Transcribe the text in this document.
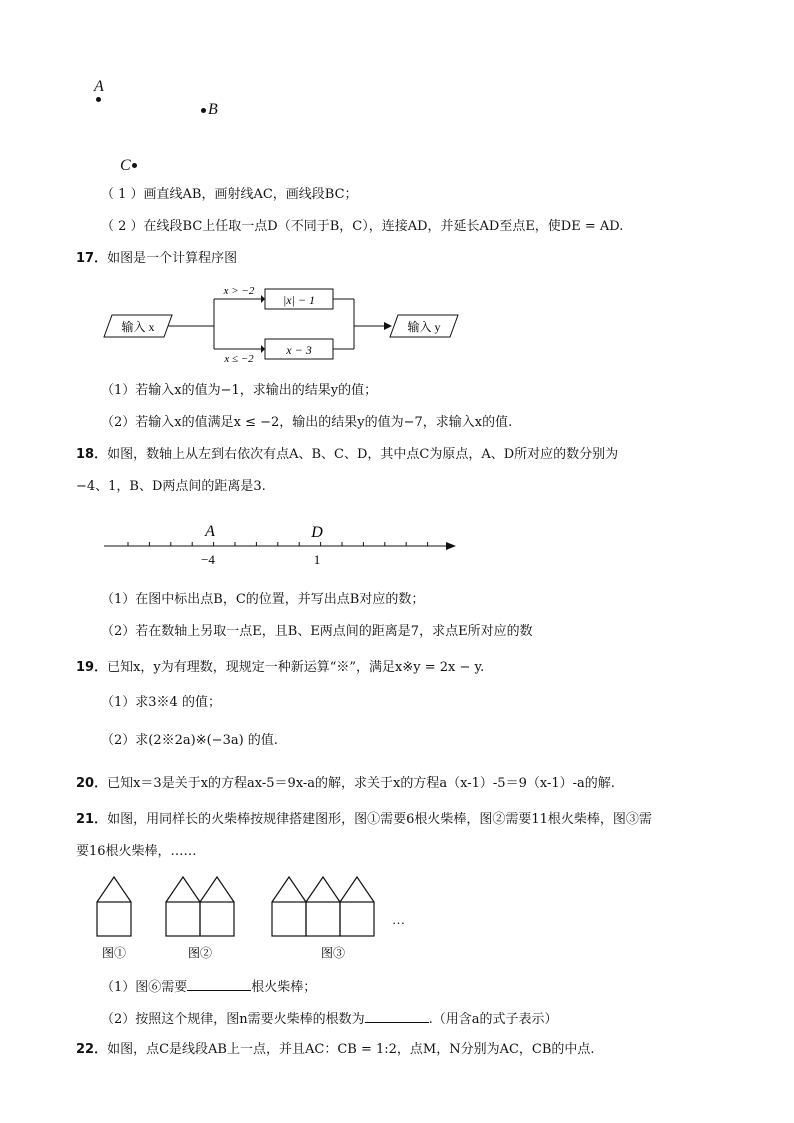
A
B
C
（ 1 ）画直线AB，画射线AC，画线段BC；
（ 2 ）在线段BC上任取一点D（不同于B，C），连接AD，并延长AD至点E，使DE = AD.
17．如图是一个计算程序图
输入 x
x > −2
x ≤ −2
|x| − 1
x − 3
输入 y
（1）若输入x的值为−1，求输出的结果y的值；
（2）若输入x的值满足x ≤ −2，输出的结果y的值为−7，求输入x的值.
18．如图，数轴上从左到右依次有点A、B、C、D，其中点C为原点，A、D所对应的数分别为
−4、1，B、D两点间的距离是3.
A	D
−4	1
（1）在图中标出点B，C的位置，并写出点B对应的数；
（2）若在数轴上另取一点E，且B、E两点间的距离是7，求点E所对应的数
19．已知x，y为有理数，现规定一种新运算“※”，满足x※y = 2x − y.
（1）求3※4 的值；
（2）求(2※2a)※(−3a) 的值.
20．已知x＝3是关于x的方程ax-5＝9x-a的解，求关于x的方程a（x-1）-5＝9（x-1）-a的解.
21．如图，用同样长的火柴棒按规律搭建图形，图①需要6根火柴棒，图②需要11根火柴棒，图③需
要16根火柴棒，……
…
图①	图②	图③
（1）图⑥需要	根火柴棒；
（2）按照这个规律，图n需要火柴棒的根数为	.（用含a的式子表示）
22．如图，点C是线段AB上一点，并且AC：CB = 1:2，点M，N分别为AC，CB的中点.
